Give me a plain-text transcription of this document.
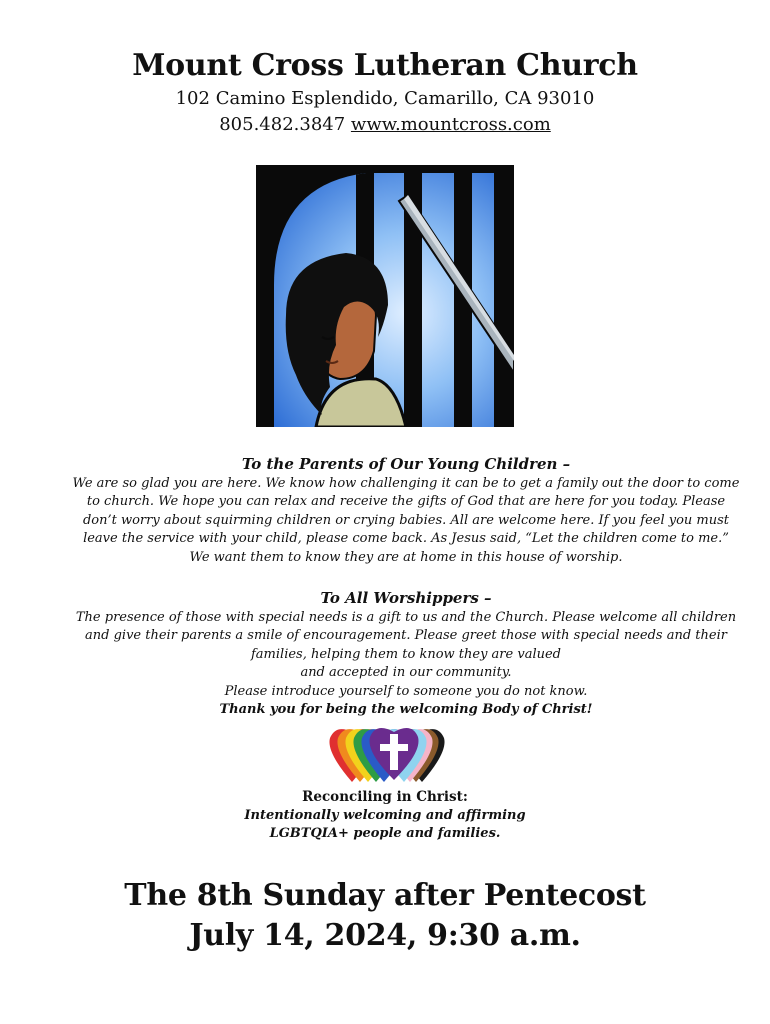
Mount Cross Lutheran Church
102 Camino Esplendido, Camarillo, CA 93010
805.482.3847 www.mountcross.com
To the Parents of Our Young Children –
We are so glad you are here. We know how challenging it can be to get a family out the door to come
to church. We hope you can relax and receive the gifts of God that are here for you today. Please
don’t worry about squirming children or crying babies. All are welcome here. If you feel you must
leave the service with your child, please come back. As Jesus said, “Let the children come to me.”
We want them to know they are at home in this house of worship.
To All Worshippers –
The presence of those with special needs is a gift to us and the Church. Please welcome all children
and give their parents a smile of encouragement. Please greet those with special needs and their
families, helping them to know they are valued
and accepted in our community.
Please introduce yourself to someone you do not know.
Thank you for being the welcoming Body of Christ!
Reconciling in Christ:
Intentionally welcoming and affirming
LGBTQIA+ people and families.
The 8th Sunday after Pentecost
July 14, 2024, 9:30 a.m.
